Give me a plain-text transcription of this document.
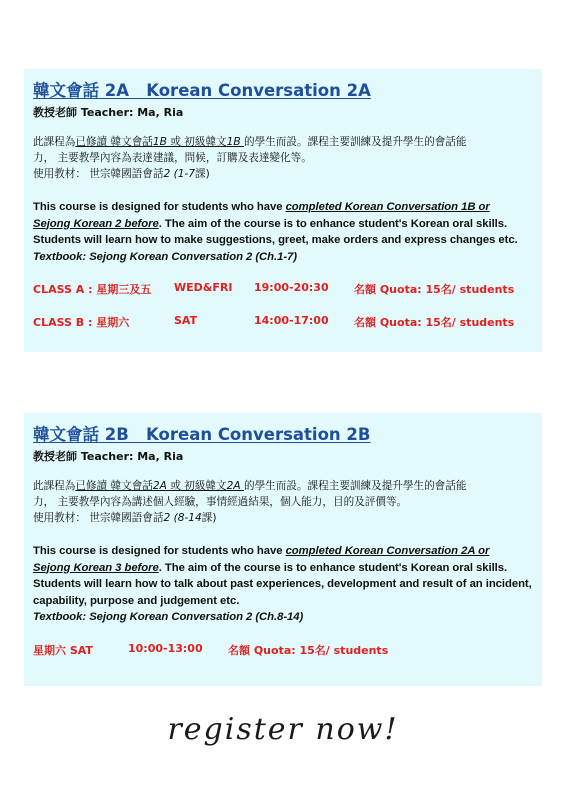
韓文會話 2A   Korean Conversation 2A
教授老師 Teacher: Ma, Ria
此課程為已修讀 韓文會話1B 或 初級韓文1B 的學生而設。課程主要訓練及提升學生的會話能
力， 主要教學內容為表達建議，問候，訂購及表達變化等。
使用教材： 世宗韓國語會話2 (1-7課)
This course is designed for students who have completed Korean Conversation 1B or
Sejong Korean 2 before. The aim of the course is to enhance student's Korean oral skills. Students will learn how to make suggestions, greet, make orders and express changes etc.
Textbook: Sejong Korean Conversation 2 (Ch.1-7)
CLASS A : 星期三及五 WED&FRI 19:00-20:30 名額 Quota: 15名/ students
CLASS B : 星期六	SAT	14:00-17:00 名額 Quota: 15名/ students
韓文會話 2B   Korean Conversation 2B
教授老師 Teacher: Ma, Ria
此課程為已修讀 韓文會話2A 或 初級韓文2A 的學生而設。課程主要訓練及提升學生的會話能
力， 主要教學內容為講述個人經驗，事情經過結果，個人能力，目的及評價等。
使用教材： 世宗韓國語會話2 (8-14課)
This course is designed for students who have completed Korean Conversation 2A or
Sejong Korean 3 before. The aim of the course is to enhance student's Korean oral skills. Students will learn how to talk about past experiences, development and result of an incident, capability, purpose and judgement etc.
Textbook: Sejong Korean Conversation 2 (Ch.8-14)
星期六 SAT	10:00-13:00 名額 Quota: 15名/ students
register now!
